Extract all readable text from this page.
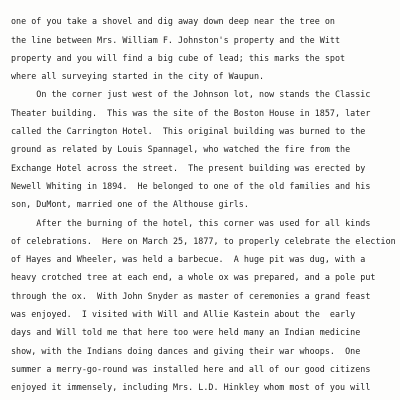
one of you take a shovel and dig away down deep near the tree on
the line between Mrs. William F. Johnston's property and the Witt
property and you will find a big cube of lead; this marks the spot
where all surveying started in the city of Waupun.
On the corner just west of the Johnson lot, now stands the Classic
Theater building.  This was the site of the Boston House in 1857, later
called the Carrington Hotel.  This original building was burned to the
ground as related by Louis Spannagel, who watched the fire from the
Exchange Hotel across the street.  The present building was erected by
Newell Whiting in 1894.  He belonged to one of the old families and his
son, DuMont, married one of the Althouse girls.
After the burning of the hotel, this corner was used for all kinds
of celebrations.  Here on March 25, 1877, to properly celebrate the election
of Hayes and Wheeler, was held a barbecue.  A huge pit was dug, with a
heavy crotched tree at each end, a whole ox was prepared, and a pole put
through the ox.  With John Snyder as master of ceremonies a grand feast
was enjoyed.  I visited with Will and Allie Kastein about the  early
days and Will told me that here too were held many an Indian medicine
show, with the Indians doing dances and giving their war whoops.  One
summer a merry-go-round was installed here and all of our good citizens
enjoyed it immensely, including Mrs. L.D. Hinkley whom most of you will
